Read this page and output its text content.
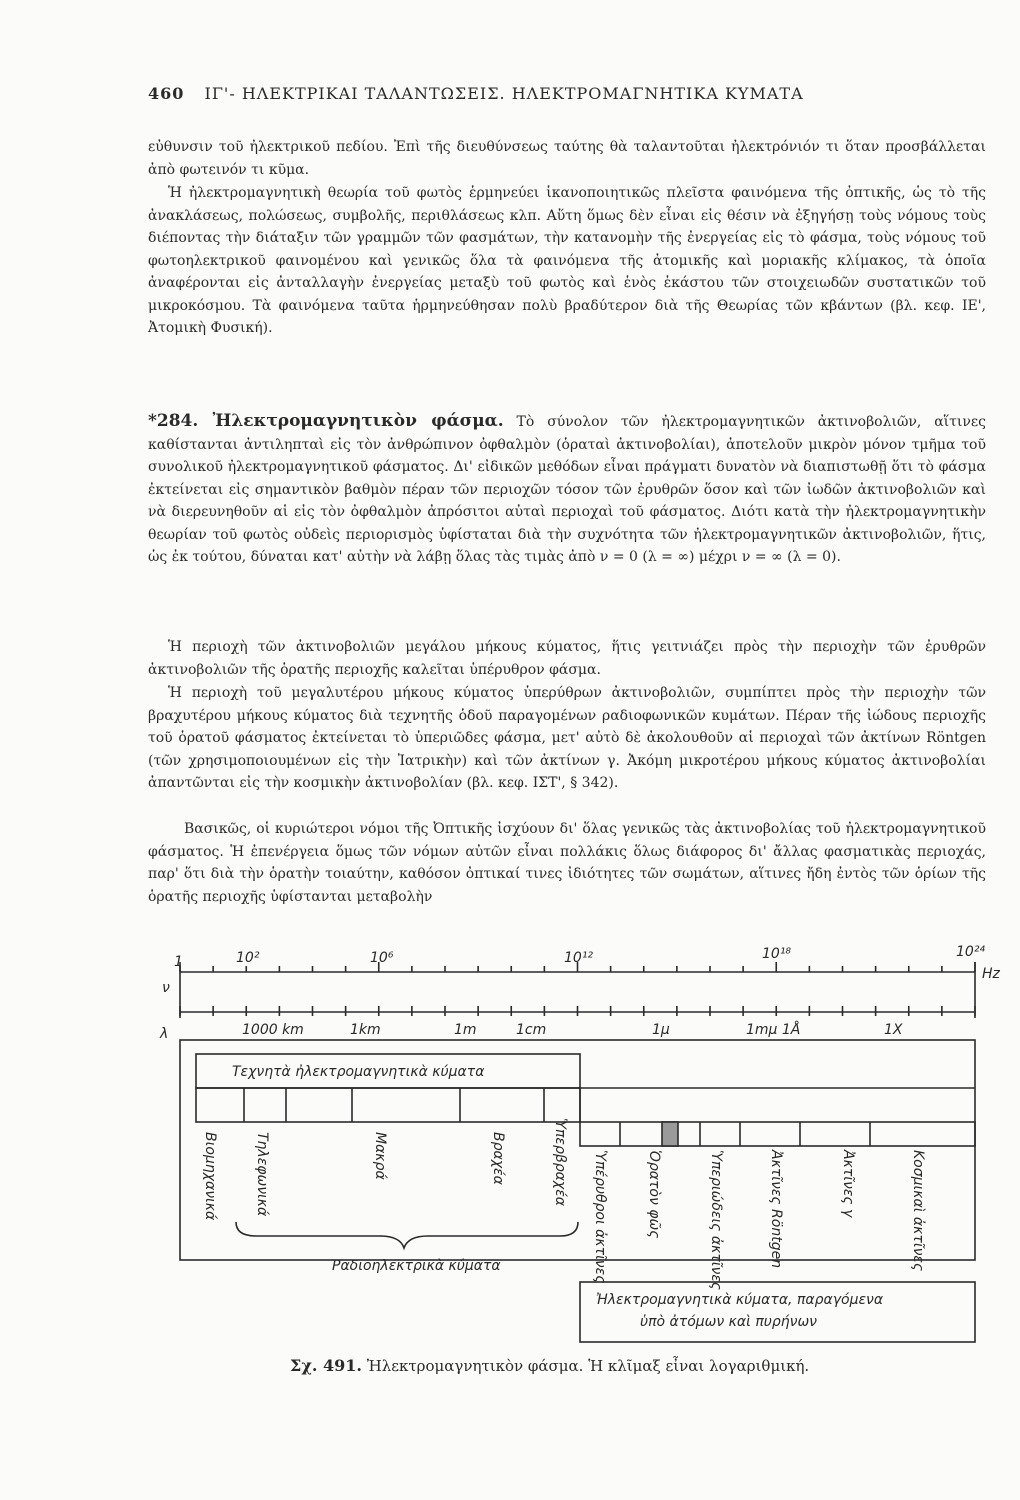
460 ΙΓ'- ΗΛΕΚΤΡΙΚΑΙ ΤΑΛΑΝΤΩΣΕΙΣ. ΗΛΕΚΤΡΟΜΑΓΝΗΤΙΚΑ ΚΥΜΑΤΑ

εὐθυνσιν τοῦ ἠλεκτρικοῦ πεδίου. Ἐπὶ τῆς διευθύνσεως ταύτης θὰ ταλαντοῦται ἠλεκτρόνιόν τι ὅταν προσβάλλεται ἀπὸ φωτεινόν τι κῦμα.

Ἡ ἠλεκτρομαγνητικὴ θεωρία τοῦ φωτὸς ἑρμηνεύει ἱκανοποιητικῶς πλεῖστα φαινόμενα τῆς ὀπτικῆς, ὡς τὸ τῆς ἀνακλάσεως, πολώσεως, συμβολῆς, περιθλάσεως κλπ. Αὕτη ὅμως δὲν εἶναι εἰς θέσιν νὰ ἐξηγήσῃ τοὺς νόμους τοὺς διέποντας τὴν διάταξιν τῶν γραμμῶν τῶν φασμάτων, τὴν κατανομὴν τῆς ἐνεργείας εἰς τὸ φάσμα, τοὺς νόμους τοῦ φωτοηλεκτρικοῦ φαινομένου καὶ γενικῶς ὅλα τὰ φαινόμενα τῆς ἀτομικῆς καὶ μοριακῆς κλίμακος, τὰ ὁποῖα ἀναφέρονται εἰς ἀνταλλαγὴν ἐνεργείας μεταξὺ τοῦ φωτὸς καὶ ἑνὸς ἑκάστου τῶν στοιχειωδῶν συστατικῶν τοῦ μικροκόσμου. Τὰ φαινόμενα ταῦτα ἡρμηνεύθησαν πολὺ βραδύτερον διὰ τῆς Θεωρίας τῶν κβάντων (βλ. κεφ. ΙΕ', Ἀτομικὴ Φυσική).

*284. Ἠλεκτρομαγνητικὸν φάσμα. Τὸ σύνολον τῶν ἠλεκτρομαγνητικῶν ἀκτινοβολιῶν, αἵτινες καθίστανται ἀντιληπταὶ εἰς τὸν ἀνθρώπινον ὀφθαλμὸν (ὁραταὶ ἀκτινοβολίαι), ἀποτελοῦν μικρὸν μόνον τμῆμα τοῦ συνολικοῦ ἠλεκτρομαγνητικοῦ φάσματος. Δι' εἰδικῶν μεθόδων εἶναι πράγματι δυνατὸν νὰ διαπιστωθῇ ὅτι τὸ φάσμα ἐκτείνεται εἰς σημαντικὸν βαθμὸν πέραν τῶν περιοχῶν τόσον τῶν ἐρυθρῶν ὅσον καὶ τῶν ἰωδῶν ἀκτινοβολιῶν καὶ νὰ διερευνηθοῦν αἱ εἰς τὸν ὀφθαλμὸν ἀπρόσιτοι αὐταὶ περιοχαὶ τοῦ φάσματος. Διότι κατὰ τὴν ἠλεκτρομαγνητικὴν θεωρίαν τοῦ φωτὸς οὐδεὶς περιορισμὸς ὑφίσταται διὰ τὴν συχνότητα τῶν ἠλεκτρομαγνητικῶν ἀκτινοβολιῶν, ἥτις, ὡς ἐκ τούτου, δύναται κατ' αὐτὴν νὰ λάβῃ ὅλας τὰς τιμὰς ἀπὸ ν = 0 (λ = ∞) μέχρι ν = ∞ (λ = 0).

Ἡ περιοχὴ τῶν ἀκτινοβολιῶν μεγάλου μήκους κύματος, ἥτις γειτνιάζει πρὸς τὴν περιοχὴν τῶν ἐρυθρῶν ἀκτινοβολιῶν τῆς ὁρατῆς περιοχῆς καλεῖται ὑπέρυθρον φάσμα.

Ἡ περιοχὴ τοῦ μεγαλυτέρου μήκους κύματος ὑπερύθρων ἀκτινοβολιῶν, συμπίπτει πρὸς τὴν περιοχὴν τῶν βραχυτέρου μήκους κύματος διὰ τεχνητῆς ὁδοῦ παραγομένων ραδιοφωνικῶν κυμάτων. Πέραν τῆς ἰώδους περιοχῆς τοῦ ὁρατοῦ φάσματος ἐκτείνεται τὸ ὑπεριῶδες φάσμα, μετ' αὐτὸ δὲ ἀκολουθοῦν αἱ περιοχαὶ τῶν ἀκτίνων Röntgen (τῶν χρησιμοποιουμένων εἰς τὴν Ἰατρικὴν) καὶ τῶν ἀκτίνων γ. Ἀκόμη μικροτέρου μήκους κύματος ἀκτινοβολίαι ἀπαντῶνται εἰς τὴν κοσμικὴν ἀκτινοβολίαν (βλ. κεφ. ΙΣΤ', § 342).

Βασικῶς, οἱ κυριώτεροι νόμοι τῆς Ὀπτικῆς ἰσχύουν δι' ὅλας γενικῶς τὰς ἀκτινοβολίας τοῦ ἠλεκτρομαγνητικοῦ φάσματος. Ἡ ἐπενέργεια ὅμως τῶν νόμων αὐτῶν εἶναι πολλάκις ὅλως διάφορος δι' ἄλλας φασματικὰς περιοχάς, παρ' ὅτι διὰ τὴν ὁρατὴν τοιαύτην, καθόσον ὀπτικαί τινες ἰδιότητες τῶν σωμάτων, αἵτινες ἤδη ἐντὸς τῶν ὁρίων τῆς ὁρατῆς περιοχῆς ὑφίστανται μεταβολὴν

1	10²	10⁶	10¹²	10¹⁸	10²⁴
Hz
ν
λ	1000 km	1km	1m	1cm	1μ	1mμ 1Å	1X
Τεχνητὰ ἠλεκτρομαγνητικὰ κύματα
Βιομηχανικά	Τηλεφωνικά	Μακρά	Βραχέα	Ὑπερβραχέα Ὑπέρυθροι ἀκτῖνες	Ὁρατὸν φῶς	Ὑπεριώδεις ἀκτῖνες	Ἀκτῖνες Röntgen	Ἀκτῖνες γ	Κοσμικαὶ ἀκτῖνες
Ραδιοηλεκτρικὰ κύματα
Ἠλεκτρομαγνητικὰ κύματα, παραγόμενα
ὑπὸ ἀτόμων καὶ πυρήνων
Σχ. 491. Ἠλεκτρομαγνητικὸν φάσμα. Ἡ κλῖμαξ εἶναι λογαριθμική.
